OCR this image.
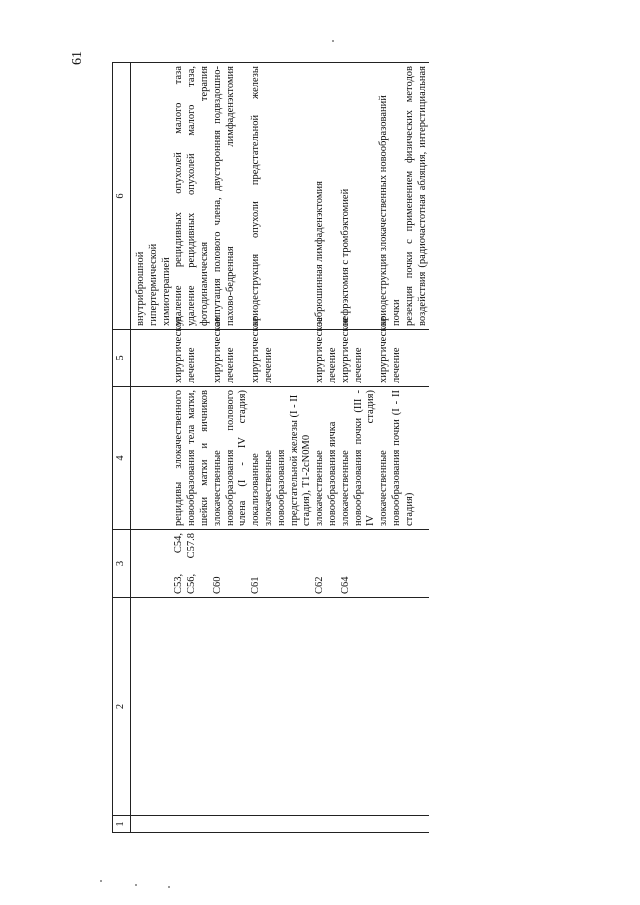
61
1	2	3	4	5	6

					внутрибрюшной гипертермической химиотерапией

		C53, C54, C56, C57.8	рецидивы злокачественного новообразования тела матки, шейки матки и яичников	хирургическое лечение	удаление рецидивных опухолей малого таза удаление рецидивных опухолей малого таза, фотодинамическая терапия

		C60	злокачественные новообразования полового члена (I - IV стадия)	хирургическое лечение	ампутация полового члена, двусторонняя подвздошно-пахово-бедренная лимфаденэктомия

		C61	локализованные злокачественные новообразования предстательной железы (I - II стадия), T1-2cN0M0	хирургическое лечение	криодеструкция опухоли предстательной железы

		C62	злокачественные новообразования яичка	хирургическое лечение	забрюшинная лимфаденэктомия

		C64	злокачественные новообразования почки (III - IV стадия)	хирургическое лечение	нефрэктомия с тромбэктомией

			злокачественные новообразования почки (I - II стадия)	хирургическое лечение	криодеструкция злокачественных новообразований почки резекция почки с применением физических методов воздействия (радиочастотная абляция, интерстициальная
